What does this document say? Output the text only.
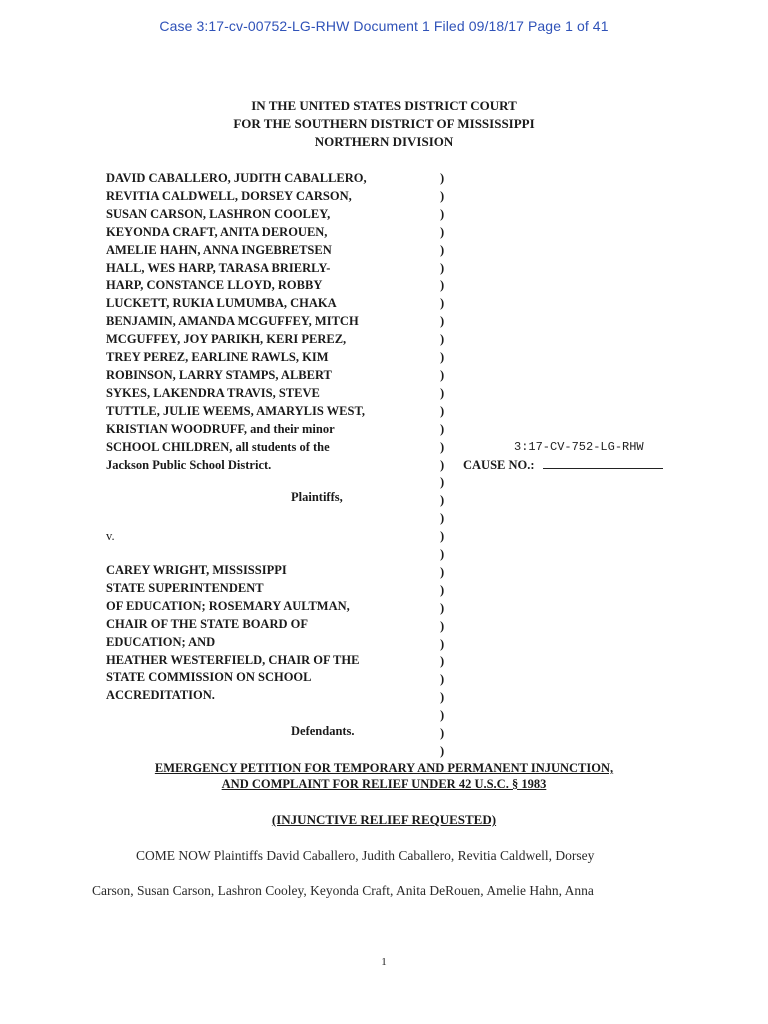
Case 3:17-cv-00752-LG-RHW Document 1 Filed 09/18/17 Page 1 of 41
IN THE UNITED STATES DISTRICT COURT
FOR THE SOUTHERN DISTRICT OF MISSISSIPPI
NORTHERN DIVISION
DAVID CABALLERO, JUDITH CABALLERO,
REVITIA CALDWELL, DORSEY CARSON,
SUSAN CARSON, LASHRON COOLEY,
KEYONDA CRAFT, ANITA DEROUEN,
AMELIE HAHN, ANNA INGEBRETSEN
HALL, WES HARP, TARASA BRIERLY-
HARP, CONSTANCE LLOYD, ROBBY
LUCKETT, RUKIA LUMUMBA, CHAKA
BENJAMIN, AMANDA MCGUFFEY, MITCH
MCGUFFEY, JOY PARIKH, KERI PEREZ,
TREY PEREZ, EARLINE RAWLS, KIM
ROBINSON, LARRY STAMPS, ALBERT
SYKES, LAKENDRA TRAVIS, STEVE
TUTTLE, JULIE WEEMS, AMARYLIS WEST,
KRISTIAN WOODRUFF, and their minor
SCHOOL CHILDREN, all students of the
Jackson Public School District.
Plaintiffs,
v.
CAREY WRIGHT, MISSISSIPPI
STATE SUPERINTENDENT
OF EDUCATION; ROSEMARY AULTMAN,
CHAIR OF THE STATE BOARD OF
EDUCATION; AND
HEATHER WESTERFIELD, CHAIR OF THE
STATE COMMISSION ON SCHOOL
ACCREDITATION.
Defendants.
)
)
)
)
)
)
)
)
)
)
)
)
)
)
)
)
)
)
)
)
)
)
)
)
)
)
)
)
)
)
)
)
)
3:17-CV-752-LG-RHW
CAUSE NO.:
EMERGENCY PETITION FOR TEMPORARY AND PERMANENT INJUNCTION,
AND COMPLAINT FOR RELIEF UNDER 42 U.S.C. § 1983
(INJUNCTIVE RELIEF REQUESTED)
COME NOW Plaintiffs David Caballero, Judith Caballero, Revitia Caldwell, Dorsey
Carson, Susan Carson, Lashron Cooley, Keyonda Craft, Anita DeRouen, Amelie Hahn, Anna
1
